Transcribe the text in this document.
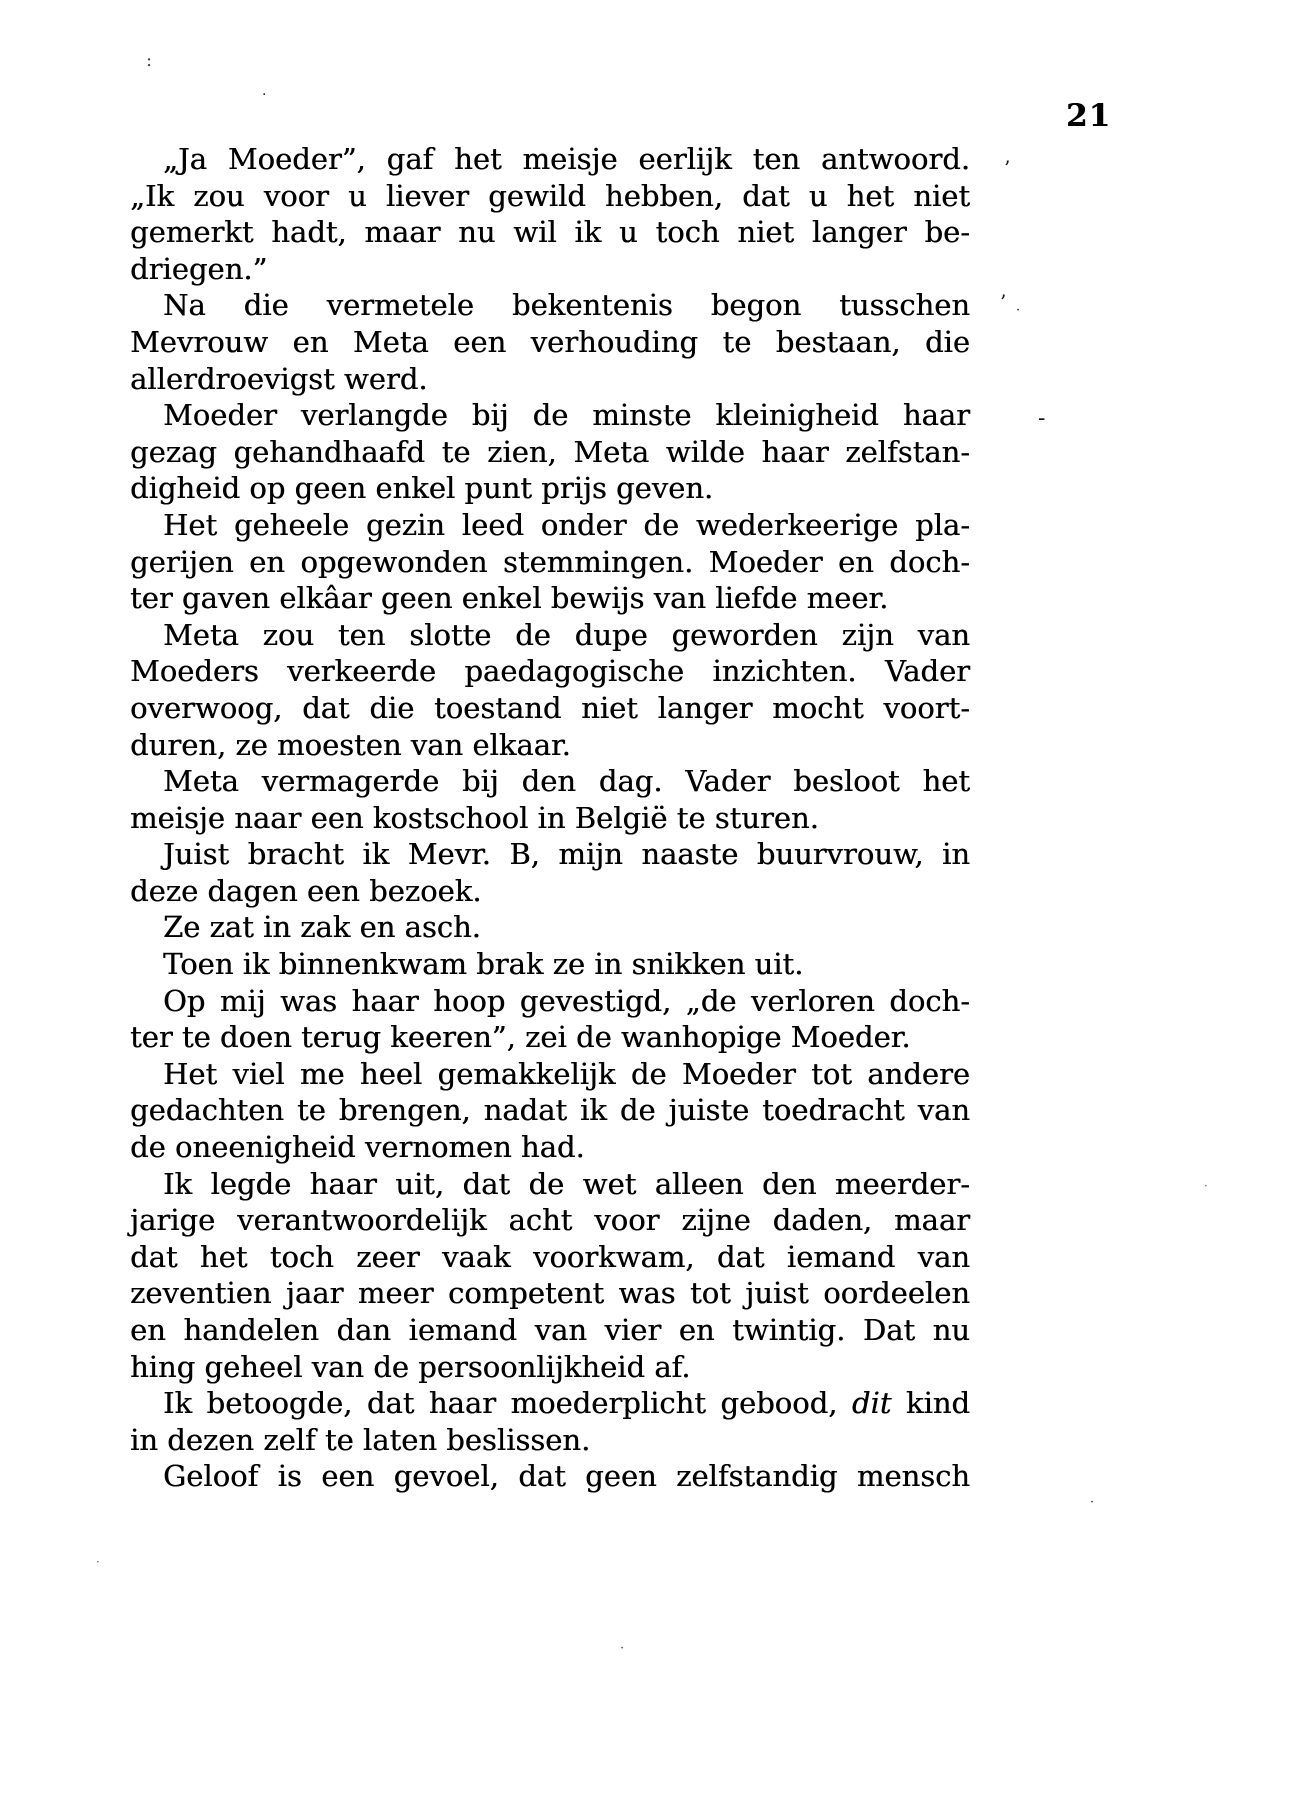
21
„Ja Moeder”, gaf het meisje eerlijk ten antwoord.
„Ik zou voor u liever gewild hebben, dat u het niet
gemerkt hadt, maar nu wil ik u toch niet langer be-
driegen.”
Na die vermetele bekentenis begon tusschen
Mevrouw en Meta een verhouding te bestaan, die
allerdroevigst werd.
Moeder verlangde bij de minste kleinigheid haar
gezag gehandhaafd te zien, Meta wilde haar zelfstan-
digheid op geen enkel punt prijs geven.
Het geheele gezin leed onder de wederkeerige pla-
gerijen en opgewonden stemmingen. Moeder en doch-
ter gaven elkâar geen enkel bewijs van liefde meer.
Meta zou ten slotte de dupe geworden zijn van
Moeders verkeerde paedagogische inzichten. Vader
overwoog, dat die toestand niet langer mocht voort-
duren, ze moesten van elkaar.
Meta vermagerde bij den dag. Vader besloot het
meisje naar een kostschool in België te sturen.
Juist bracht ik Mevr. B, mijn naaste buurvrouw, in
deze dagen een bezoek.
Ze zat in zak en asch.
Toen ik binnenkwam brak ze in snikken uit.
Op mij was haar hoop gevestigd, „de verloren doch-
ter te doen terug keeren”, zei de wanhopige Moeder.
Het viel me heel gemakkelijk de Moeder tot andere
gedachten te brengen, nadat ik de juiste toedracht van
de oneenigheid vernomen had.
Ik legde haar uit, dat de wet alleen den meerder-
jarige verantwoordelijk acht voor zijne daden, maar
dat het toch zeer vaak voorkwam, dat iemand van
zeventien jaar meer competent was tot juist oordeelen
en handelen dan iemand van vier en twintig. Dat nu
hing geheel van de persoonlijkheid af.
Ik betoogde, dat haar moederplicht gebood, dit kind
in dezen zelf te laten beslissen.
Geloof is een gevoel, dat geen zelfstandig mensch
:
·
’
’ ·
-
·
·
·
·
